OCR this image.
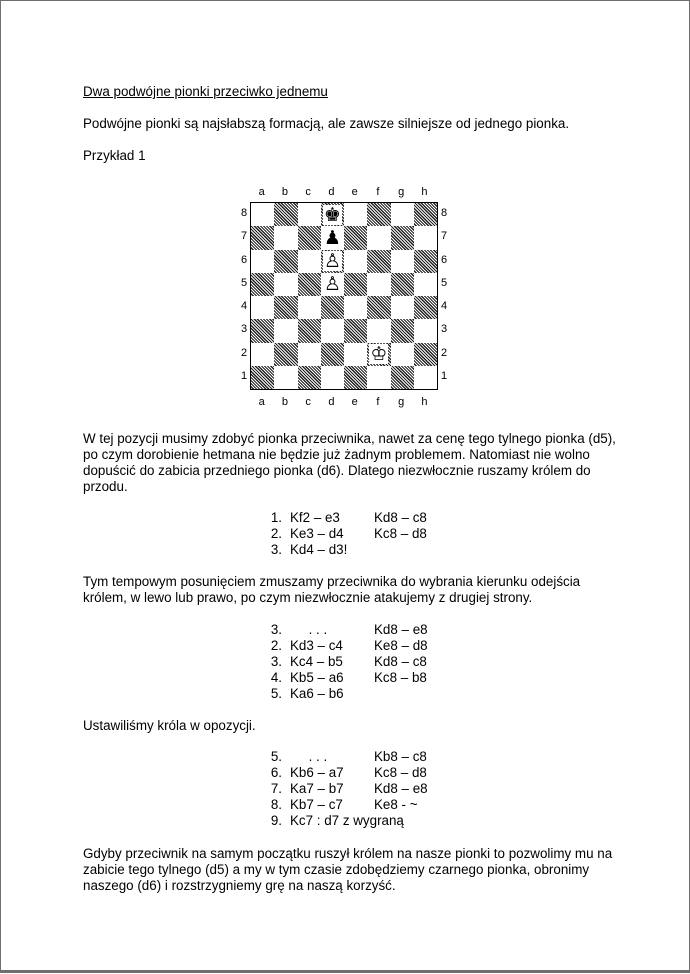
Dwa podwójne pionki przeciwko jednemu
Podwójne pionki są najsłabszą formacją, ale zawsze silniejsze od jednego pionka.
Przykład 1
a	b	c	d	e	f	g	h
a	b	c	d	e	f	g	h
8
7
6
5
4
3
2
1
8
7
6
5
4
3
2
1
♚
♟
♙
♙
♔
W tej pozycji musimy zdobyć pionka przeciwnika, nawet za cenę tego tylnego pionka (d5), po czym dorobienie hetmana nie będzie już żadnym problemem. Natomiast nie wolno dopuścić do zabicia przedniego pionka (d6). Dlatego niezwłocznie ruszamy królem do przodu.
1. Kf2 – e3	Kd8 – c8
2. Ke3 – d4	Kc8 – d8
3. Kd4 – d3!
Tym tempowym posunięciem zmuszamy przeciwnika do wybrania kierunku odejścia królem, w lewo lub prawo, po czym niezwłocznie atakujemy z drugiej strony.
3. . . .	Kd8 – e8
2. Kd3 – c4	Ke8 – d8
3. Kc4 – b5	Kd8 – c8
4. Kb5 – a6	Kc8 – b8
5. Ka6 – b6
Ustawiliśmy króla w opozycji.
5. . . .	Kb8 – c8
6. Kb6 – a7	Kc8 – d8
7. Ka7 – b7	Kd8 – e8
8. Kb7 – c7	Ke8 - ~
9. Kc7 : d7 z wygraną
Gdyby przeciwnik na samym początku ruszył królem na nasze pionki to pozwolimy mu na zabicie tego tylnego (d5) a my w tym czasie zdobędziemy czarnego pionka, obronimy naszego (d6) i rozstrzygniemy grę na naszą korzyść.
